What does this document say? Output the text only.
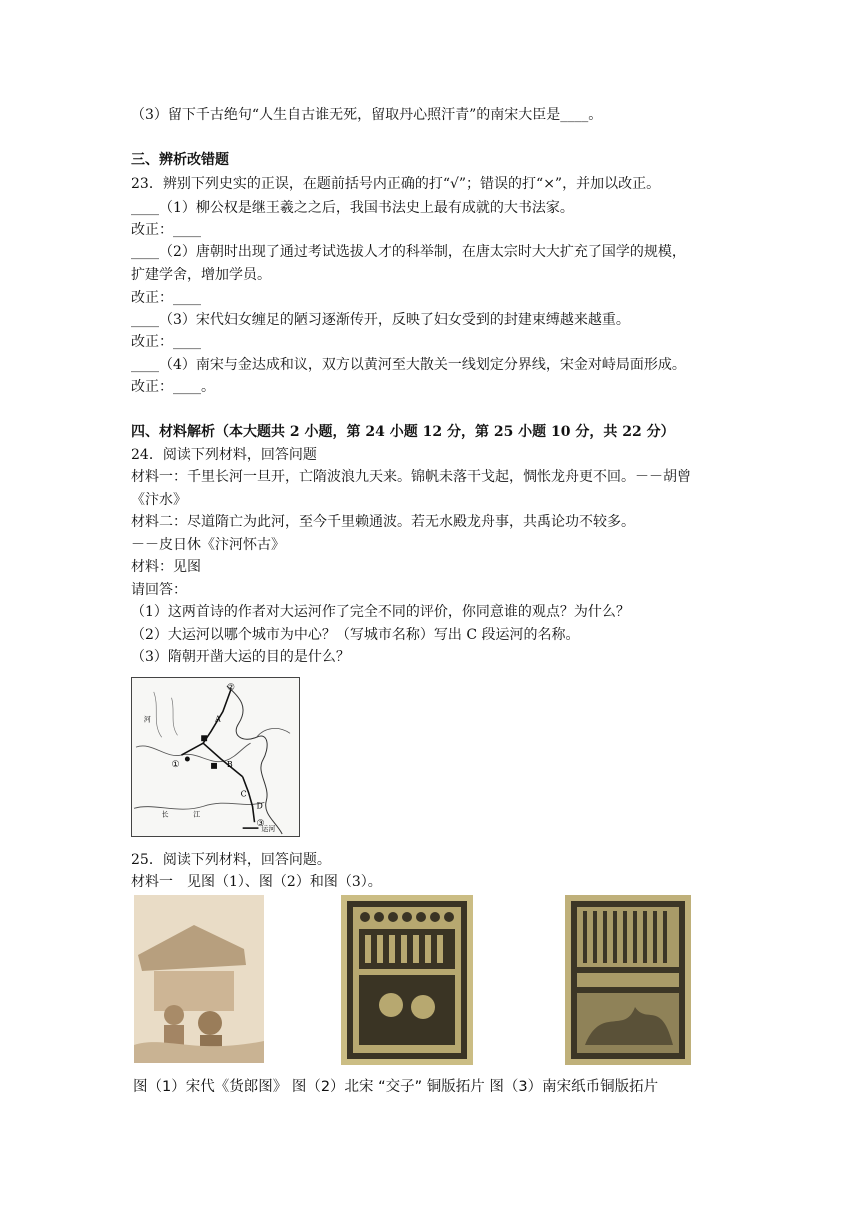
（3）留下千古绝句“人生自古谁无死，留取丹心照汗青”的南宋大臣是____。
三、辨析改错题
23．辨别下列史实的正误，在题前括号内正确的打“√”；错误的打“×”，并加以改正。
____（1）柳公权是继王羲之之后，我国书法史上最有成就的大书法家。
改正：____
____（2）唐朝时出现了通过考试选拔人才的科举制，在唐太宗时大大扩充了国学的规模，
扩建学舍，增加学员。
改正：____
____（3）宋代妇女缠足的陋习逐渐传开，反映了妇女受到的封建束缚越来越重。
改正：____
____（4）南宋与金达成和议，双方以黄河至大散关一线划定分界线，宋金对峙局面形成。
改正：____。
四、材料解析（本大题共 2 小题，第 24 小题 12 分，第 25 小题 10 分，共 22 分）
24．阅读下列材料，回答问题
材料一：千里长河一旦开，亡隋波浪九天来。锦帆未落干戈起，惆怅龙舟更不回。－－胡曾
《汴水》
材料二：尽道隋亡为此河，至今千里赖通波。若无水殿龙舟事，共禹论功不较多。
－－皮日休《汴河怀古》
材料：见图
请回答：
（1）这两首诗的作者对大运河作了完全不同的评价，你同意谁的观点？为什么？
（2）大运河以哪个城市为中心？（写城市名称）写出 C 段运河的名称。
（3）隋朝开凿大运的目的是什么？
运河
②
①
③
A
B
C
D
河
长	江
25．阅读下列材料，回答问题。
材料一　见图（1）、图（2）和图（3）。
图（1）宋代《货郎图》 图（2）北宋 “交子” 铜版拓片 图（3）南宋纸币铜版拓片
